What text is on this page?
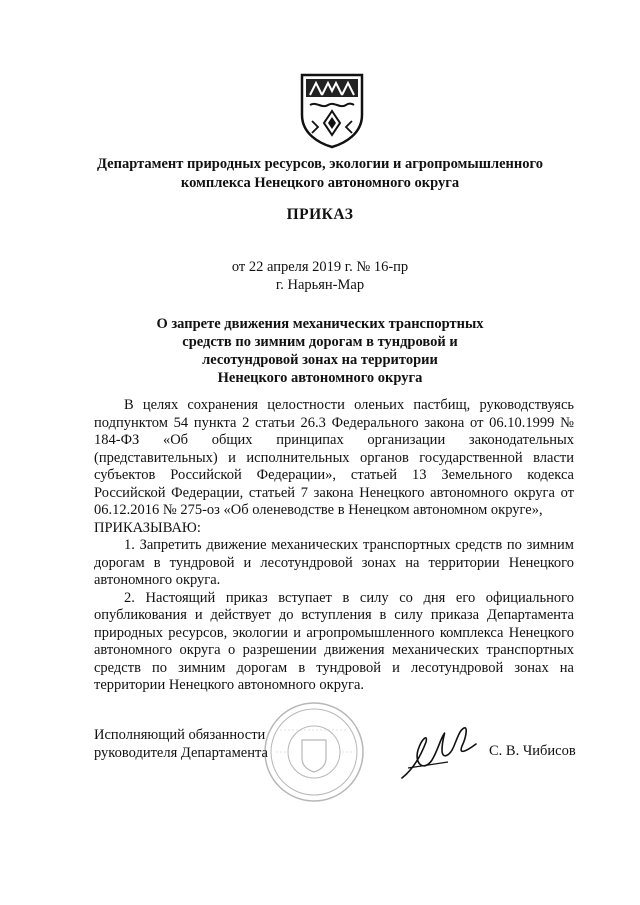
Департамент природных ресурсов, экологии и агропромышленного
комплекса Ненецкого автономного округа
ПРИКАЗ
от 22 апреля 2019 г. № 16-пр
г. Нарьян-Мар
О запрете движения механических транспортных
средств по зимним дорогам в тундровой и
лесотундровой зонах на территории
Ненецкого автономного округа

В целях сохранения целостности оленьих пастбищ, руководствуясь подпунктом 54 пункта 2 статьи 26.3 Федерального закона от 06.10.1999 № 184-ФЗ «Об общих принципах организации законодательных (представительных) и исполнительных органов государственной власти субъектов Российской Федерации», статьей 13 Земельного кодекса Российской Федерации, статьей 7 закона Ненецкого автономного округа от 06.12.2016 № 275-оз «Об оленеводстве в Ненецком автономном округе»,

ПРИКАЗЫВАЮ:

1. Запретить движение механических транспортных средств по зимним дорогам в тундровой и лесотундровой зонах на территории Ненецкого автономного округа.

2. Настоящий приказ вступает в силу со дня его официального опубликования и действует до вступления в силу приказа Департамента природных ресурсов, экологии и агропромышленного комплекса Ненецкого автономного округа о разрешении движения механических транспортных средств по зимним дорогам в тундровой и лесотундровой зонах на территории Ненецкого автономного округа.

Исполняющий обязанности
руководителя Департамента	С. В. Чибисов
